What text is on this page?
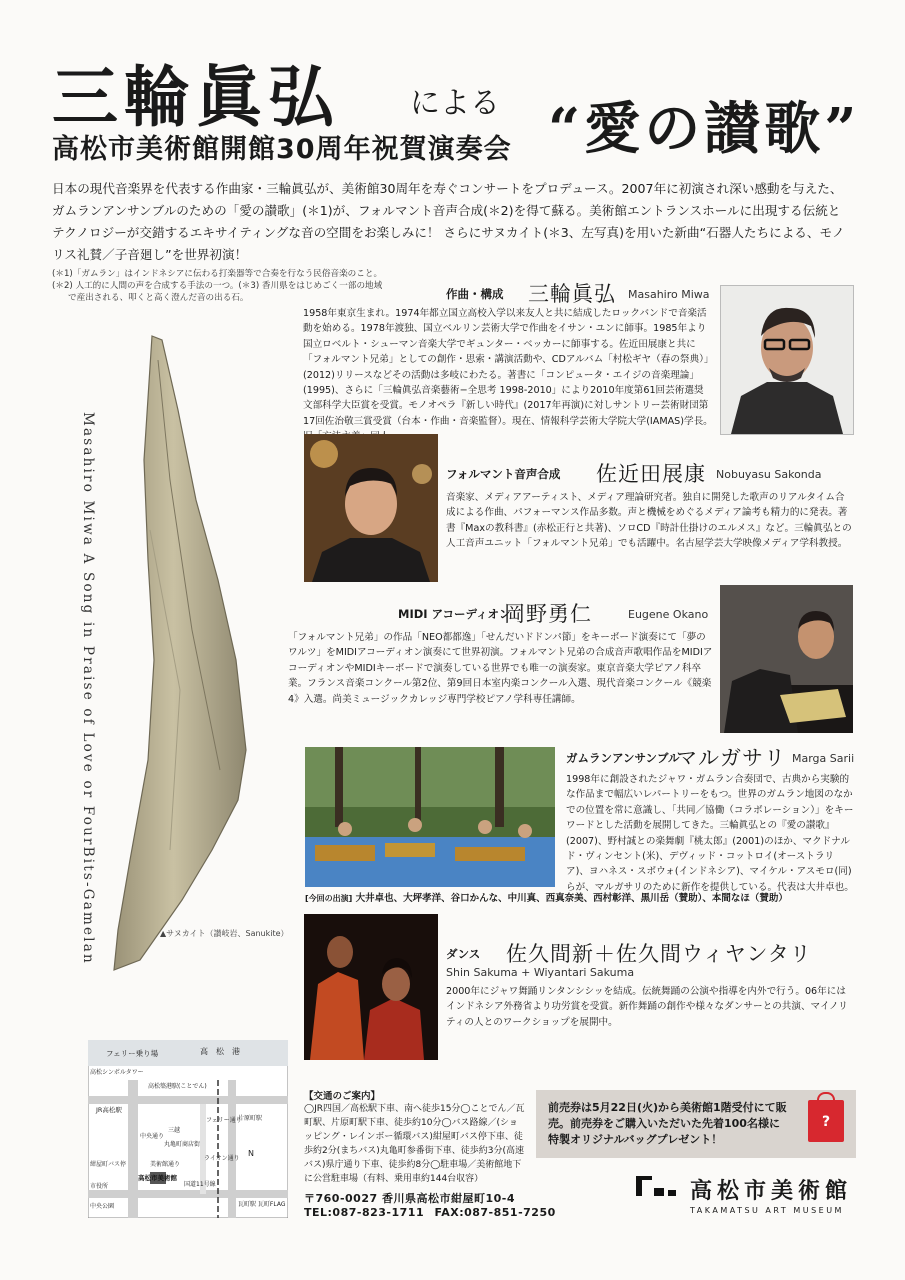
三輪眞弘 による “愛の讃歌”
高松市美術館開館30周年祝賀演奏会
日本の現代音楽界を代表する作曲家・三輪眞弘が、美術館30周年を寿ぐコンサートをプロデュース。2007年に初演され深い感動を与えた、ガムランアンサンブルのための「愛の讃歌」(＊1)が、フォルマント音声合成(＊2)を得て蘇る。美術館エントランスホールに出現する伝統とテクノロジーが交錯するエキサイティングな音の空間をお楽しみに！ さらにサヌカイト(＊3、左写真)を用いた新曲“石器人たちによる、モノリス礼賛／子音廻し”を世界初演！
(＊1)「ガムラン」はインドネシアに伝わる打楽器等で合奏を行なう民俗音楽のこと。
(＊2) 人工的に人間の声を合成する手法の一つ。(＊3) 香川県をはじめごく一部の地域
で産出される、叩くと高く澄んだ音の出る石。
Masahiro Miwa A Song in Praise of Love or FourBits-Gamelan	▲サヌカイト（讃岐岩、Sanukite）
作曲・構成 三輪眞弘 Masahiro Miwa
1958年東京生まれ。1974年都立国立高校入学以来友人と共に結成したロックバンドで音楽活動を始める。1978年渡独、国立ベルリン芸術大学で作曲をイサン・ユンに師事。1985年より国立ロベルト・シューマン音楽大学でギュンター・ベッカーに師事する。佐近田展康と共に「フォルマント兄弟」としての創作・思索・講演活動や、CDアルバム「村松ギヤ（春の祭典）」(2012)リリースなどその活動は多岐にわたる。著書に「コンピュータ・エイジの音楽理論」(1995)、さらに「三輪眞弘音楽藝術−全思考 1998-2010」により2010年度第61回芸術選奨文部科学大臣賞を受賞。モノオペラ『新しい時代』(2017年再演)に対しサントリー芸術財団第17回佐治敬三賞受賞（台本・作曲・音楽監督）。現在、情報科学芸術大学院大学(IAMAS)学長。
フォルマント音声合成 佐近田展康 Nobuyasu Sakonda
音楽家、メディアアーティスト、メディア理論研究者。独自に開発した歌声のリアルタイム合成による作曲、パフォーマンス作品多数。声と機械をめぐるメディア論考も精力的に発表。著書『Maxの教科書』(赤松正行と共著)、ソロCD『時計仕掛けのエルメス』など。三輪眞弘との人工音声ユニット「フォルマント兄弟」でも活躍中。名古屋学芸大学映像メディア学科教授。
MIDI アコーディオン
岡野勇仁	Eugene Okano
「フォルマント兄弟」の作品「NEO都都逸」「せんだいドドンパ節」をキーボード演奏にて「夢のワルツ」をMIDIアコーディオン演奏にて世界初演。フォルマント兄弟の合成音声歌唱作品をMIDIアコーディオンやMIDIキーボードで演奏している世界でも唯一の演奏家。東京音楽大学ピアノ科卒業。フランス音楽コンクール第2位、第9回日本室内楽コンクール入選、現代音楽コンクール《競楽4》入選。尚美ミュージックカレッジ専門学校ピアノ学科専任講師。
ガムランアンサンブル
マルガサリ Marga Sarii
1998年に創設されたジャワ・ガムラン合奏団で、古典から実験的な作品まで幅広いレパートリーをもつ。世界のガムラン地図のなかでの位置を常に意識し、「共同／協働（コラボレーション）」をキーワードとした活動を展開してきた。三輪眞弘との『愛の讃歌』(2007)、野村誠との楽舞劇『桃太郎』(2001)のほか、マクドナルド・ヴィンセント(米)、デヴィッド・コットロイ(オーストラリア)、ヨハネス・スボウォ(インドネシア)、マイケル・アスモロ(同)らが、マルガサリのために新作を提供している。代表は大井卓也。
[今回の出演] 大井卓也、大坪孝洋、谷口かんな、中川真、西真奈美、西村彰洋、黒川岳（賛助）、本間なほ（賛助）
ダンス 佐久間新＋佐久間ウィヤンタリ
Shin Sakuma + Wiyantari Sakuma
2000年にジャワ舞踊リンタンシシッを結成。伝統舞踊の公演や指導を内外で行う。06年にはインドネシア外務省より功労賞を受賞。新作舞踊の創作や様々なダンサーとの共演、マイノリティの人とのワークショップを展開中。
フェリー乗り場	高　松　港
高松シンボルタワー
高松築港駅(ことでん)
JR高松駅
中央通り
三越
丸亀町商店街
美術館通り
フェリー通り
片原町駅
ライオン通り
国道11号線
紺屋町バス停
市役所
中央公園
高松市美術館
瓦町駅 瓦町FLAG
N
【交通のご案内】
◯JR四国／高松駅下車、南へ徒歩15分◯ことでん／瓦町駅、片原町駅下車、徒歩約10分◯バス路線／(ショッピング・レインボー循環バス)紺屋町バス停下車、徒歩約2分(まちバス)丸亀町参番街下車、徒歩約3分(高速バス)県庁通り下車、徒歩約8分◯駐車場／美術館地下に公営駐車場（有料、乗用車約144台収容）
〒760-0027 香川県高松市紺屋町10-4
TEL:087-823-1711 FAX:087-851-7250
前売券は5月22日(火)から美術館1階受付にて販売。前売券をご購入いただいた先着100名様に特製オリジナルバッグプレゼント！
?
高松市美術館
TAKAMATSU ART MUSEUM
